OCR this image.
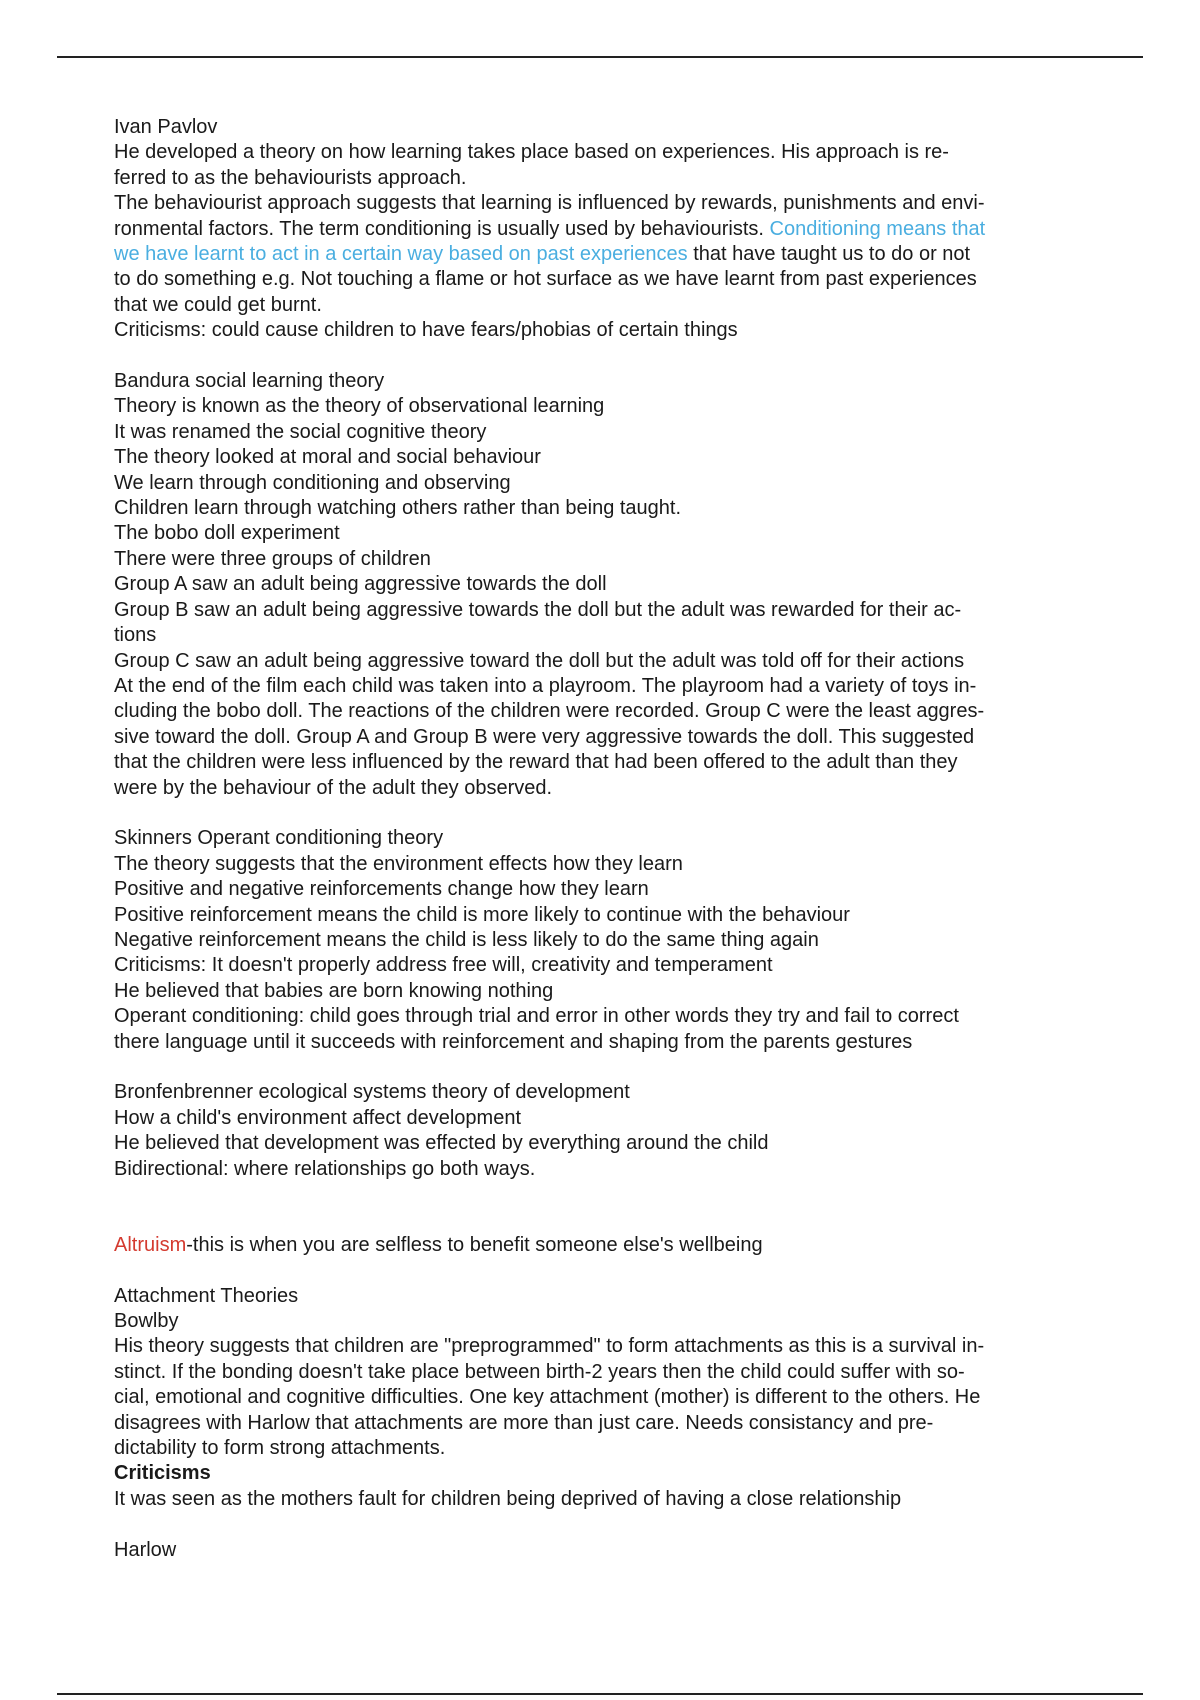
Ivan Pavlov
He developed a theory on how learning takes place based on experiences. His approach is re-
ferred to as the behaviourists approach.
The behaviourist approach suggests that learning is influenced by rewards, punishments and envi-
ronmental factors. The term conditioning is usually used by behaviourists. Conditioning means that
we have learnt to act in a certain way based on past experiences that have taught us to do or not
to do something e.g. Not touching a flame or hot surface as we have learnt from past experiences
that we could get burnt.
Criticisms: could cause children to have fears/phobias of certain things
Bandura social learning theory
Theory is known as the theory of observational learning
It was renamed the social cognitive theory
The theory looked at moral and social behaviour
We learn through conditioning and observing
Children learn through watching others rather than being taught.
The bobo doll experiment
There were three groups of children
Group A saw an adult being aggressive towards the doll
Group B saw an adult being aggressive towards the doll but the adult was rewarded for their ac-
tions
Group C saw an adult being aggressive toward the doll but the adult was told off for their actions
At the end of the film each child was taken into a playroom. The playroom had a variety of toys in-
cluding the bobo doll. The reactions of the children were recorded. Group C were the least aggres-
sive toward the doll. Group A and Group B were very aggressive towards the doll. This suggested
that the children were less influenced by the reward that had been offered to the adult than they
were by the behaviour of the adult they observed.
Skinners Operant conditioning theory
The theory suggests that the environment effects how they learn
Positive and negative reinforcements change how they learn
Positive reinforcement means the child is more likely to continue with the behaviour
Negative reinforcement means the child is less likely to do the same thing again
Criticisms: It doesn't properly address free will, creativity and temperament
He believed that babies are born knowing nothing
Operant conditioning: child goes through trial and error in other words they try and fail to correct
there language until it succeeds with reinforcement and shaping from the parents gestures
Bronfenbrenner ecological systems theory of development
How a child's environment affect development
He believed that development was effected by everything around the child
Bidirectional: where relationships go both ways.
Altruism-this is when you are selfless to benefit someone else's wellbeing
Attachment Theories
Bowlby
His theory suggests that children are "preprogrammed" to form attachments as this is a survival in-
stinct. If the bonding doesn't take place between birth-2 years then the child could suffer with so-
cial, emotional and cognitive difficulties. One key attachment (mother) is different to the others. He
disagrees with Harlow that attachments are more than just care. Needs consistancy and pre-
dictability to form strong attachments.
Criticisms
It was seen as the mothers fault for children being deprived of having a close relationship
Harlow
